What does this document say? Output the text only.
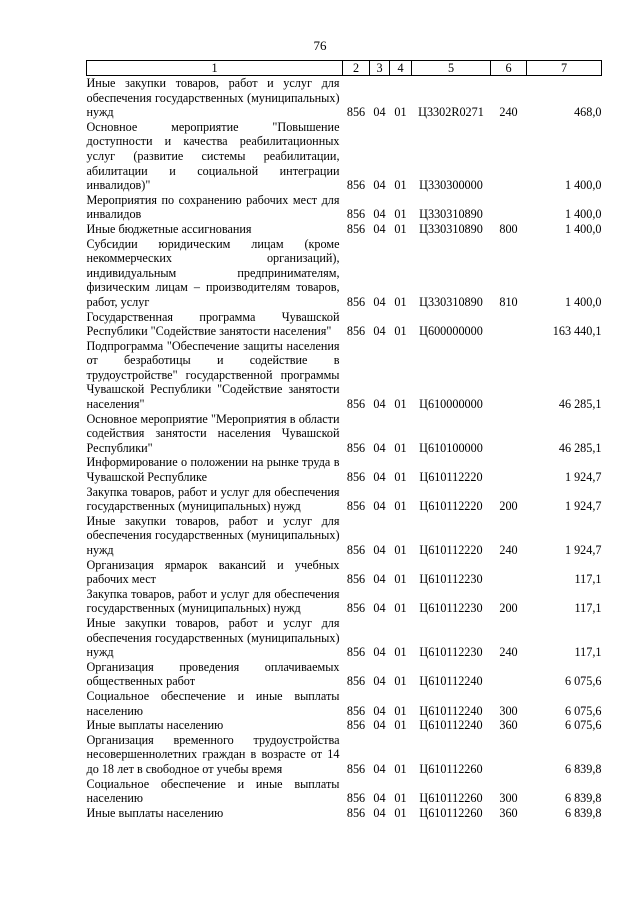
76
1	2	3	4	5	6	7
Иные закупки товаров, работ и услуг для обеспечения государственных (муниципальных) нужд	856	04	01	Ц3302R0271	240	468,0
Основное мероприятие "Повышение доступности и качества реабилитационных услуг (развитие системы реабилитации, абилитации и социальной интеграции инвалидов)"	856	04	01	Ц330300000		1 400,0
Мероприятия по сохранению рабочих мест для инвалидов	856	04	01	Ц330310890		1 400,0
Иные бюджетные ассигнования	856	04	01	Ц330310890	800	1 400,0
Субсидии юридическим лицам (кроме некоммерческих организаций), индивидуальным предпринимателям, физическим лицам – производителям товаров, работ, услуг	856	04	01	Ц330310890	810	1 400,0
Государственная программа Чувашской Республики "Содействие занятости населения"	856	04	01	Ц600000000		163 440,1
Подпрограмма "Обеспечение защиты населения от безработицы и содействие в трудоустройстве" государственной программы Чувашской Республики "Содействие занятости населения"	856	04	01	Ц610000000		46 285,1
Основное мероприятие "Мероприятия в области содействия занятости населения Чувашской Республики"	856	04	01	Ц610100000		46 285,1
Информирование о положении на рынке труда в Чувашской Республике	856	04	01	Ц610112220		1 924,7
Закупка товаров, работ и услуг для обеспечения государственных (муниципальных) нужд	856	04	01	Ц610112220	200	1 924,7
Иные закупки товаров, работ и услуг для обеспечения государственных (муниципальных) нужд	856	04	01	Ц610112220	240	1 924,7
Организация ярмарок вакансий и учебных рабочих мест	856	04	01	Ц610112230		117,1
Закупка товаров, работ и услуг для обеспечения государственных (муниципальных) нужд	856	04	01	Ц610112230	200	117,1
Иные закупки товаров, работ и услуг для обеспечения государственных (муниципальных) нужд	856	04	01	Ц610112230	240	117,1
Организация проведения оплачиваемых общественных работ	856	04	01	Ц610112240		6 075,6
Социальное обеспечение и иные выплаты населению	856	04	01	Ц610112240	300	6 075,6
Иные выплаты населению	856	04	01	Ц610112240	360	6 075,6
Организация временного трудоустройства несовершеннолетних граждан в возрасте от 14 до 18 лет в свободное от учебы время	856	04	01	Ц610112260		6 839,8
Социальное обеспечение и иные выплаты населению	856	04	01	Ц610112260	300	6 839,8
Иные выплаты населению	856	04	01	Ц610112260	360	6 839,8
